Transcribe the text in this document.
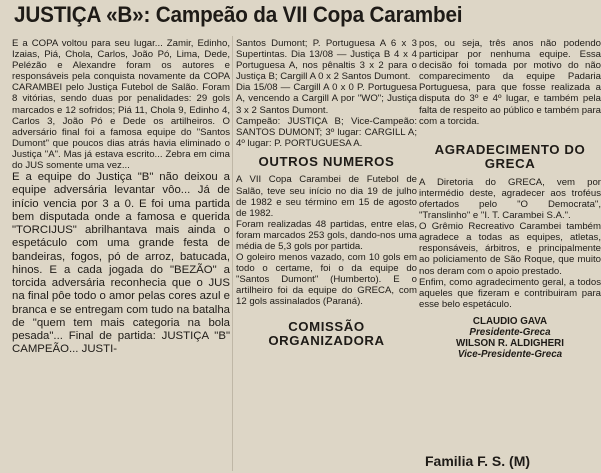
JUSTIÇA «B»: Campeão da VII Copa Carambei

E a COPA voltou para seu lugar... Zamir, Edinho, Izaias, Piá, Chola, Carlos, João Pó, Lima, Dede, Pelézão e Alexandre foram os autores e responsáveis pela conquista novamente da COPA CARAMBEI pelo Justiça Futebol de Salão. Foram 8 vitórias, sendo duas por penalidades: 29 gols marcados e 12 sofridos; Piá 11, Chola 9, Edinho 4, Carlos 3, João Pó e Dede os artilheiros. O adversário final foi a famosa equipe do "Santos Dumont" que poucos dias atrás havia eliminado o Justiça "A". Mas já estava escrito... Zebra em cima do JUS somente uma vez...

E a equipe do Justiça "B" não deixou a equipe adversária levantar vôo... Já de início vencia por 3 a 0. E foi uma partida bem disputada onde a famosa e querida "TORCIJUS" abrilhantava mais ainda o espetáculo com uma grande festa de bandeiras, fogos, pó de arroz, batucada, hinos. E a cada jogada do "BEZÃO" a torcida adversária reconhecia que o JUS na final pôe todo o amor pelas cores azul e branca e se entregam com tudo na batalha de "quem tem mais categoria na bola pesada"... Final de partida: JUSTIÇA "B" CAMPEÃO... JUSTI-

Santos Dumont; P. Portuguesa A 6 x 3 Supertintas. Dia 13/08 — Justiça B 4 x 4 Portuguesa A, nos pênaltis 3 x 2 para o Justiça B; Cargill A 0 x 2 Santos Dumont.

Dia 15/08 — Cargill A 0 x 0 P. Portuguesa A, vencendo a Cargill A por "WO"; Justiça 3 x 2 Santos Dumont.

Campeão: JUSTIÇA B; Vice-Campeão: SANTOS DUMONT; 3º lugar: CARGILL A; 4º lugar: P. PORTUGUESA A.

OUTROS NUMEROS

A VII Copa Carambei de Futebol de Salão, teve seu início no dia 19 de julho de 1982 e seu término em 15 de agosto de 1982.

Foram realizadas 48 partidas, entre elas, foram marcados 253 gols, dando-nos uma média de 5,3 gols por partida.

O goleiro menos vazado, com 10 gols em todo o certame, foi o da equipe do "Santos Dumont" (Humberto). E o artilheiro foi da equipe do GRECA, com 12 gols assinalados (Paraná).

COMISSÃO
ORGANIZADORA

pos, ou seja, três anos não podendo participar por nenhuma equipe. Essa decisão foi tomada por motivo do não comparecimento da equipe Padaria Portuguesa, para que fosse realizada a disputa do 3º e 4º lugar, e também pela falta de respeito ao público e também para com a torcida.

AGRADECIMENTO DO GRECA

A Diretoria do GRECA, vem por intermédio deste, agradecer aos troféus ofertados pelo "O Democrata", "Translinho" e "I. T. Carambei S.A.".

O Grêmio Recreativo Carambei também agradece a todas as equipes, atletas, responsáveis, árbitros, e principalmente ao policiamento de São Roque, que muito nos deram com o apoio prestado.

Enfim, como agradecimento geral, a todos aqueles que fizeram e contribuiram para esse belo espetáculo.

CLAUDIO GAVA
Presidente-Greca
WILSON R. ALDIGHERI
Vice-Presidente-Greca
Familia F. S. (M)
